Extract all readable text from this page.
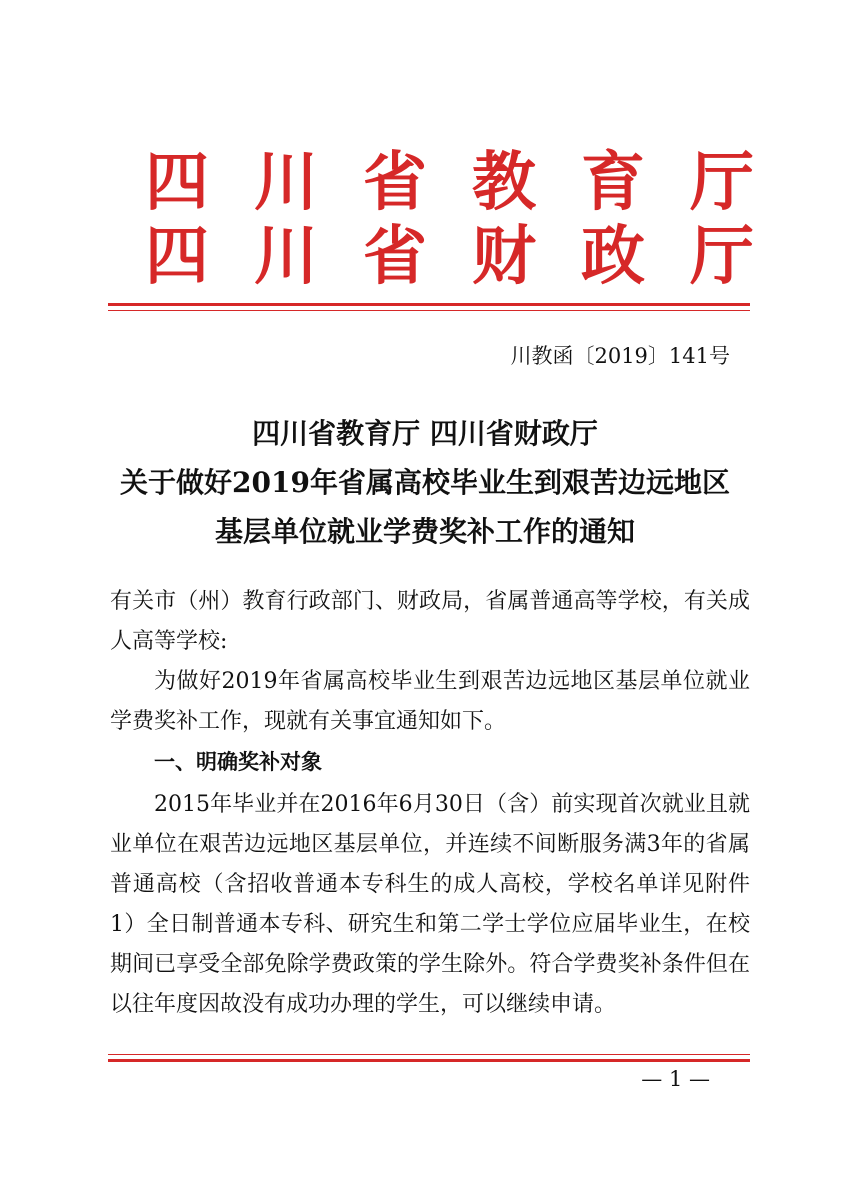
四川省教育厅
四川省财政厅
川教函〔2019〕141号
四川省教育厅 四川省财政厅
关于做好2019年省属高校毕业生到艰苦边远地区
基层单位就业学费奖补工作的通知
有关市（州）教育行政部门、财政局，省属普通高等学校，有关成人高等学校:
为做好2019年省属高校毕业生到艰苦边远地区基层单位就业学费奖补工作，现就有关事宜通知如下。
一、明确奖补对象
2015年毕业并在2016年6月30日（含）前实现首次就业且就业单位在艰苦边远地区基层单位，并连续不间断服务满3年的省属普通高校（含招收普通本专科生的成人高校，学校名单详见附件1）全日制普通本专科、研究生和第二学士学位应届毕业生，在校期间已享受全部免除学费政策的学生除外。符合学费奖补条件但在以往年度因故没有成功办理的学生，可以继续申请。
— 1 —
